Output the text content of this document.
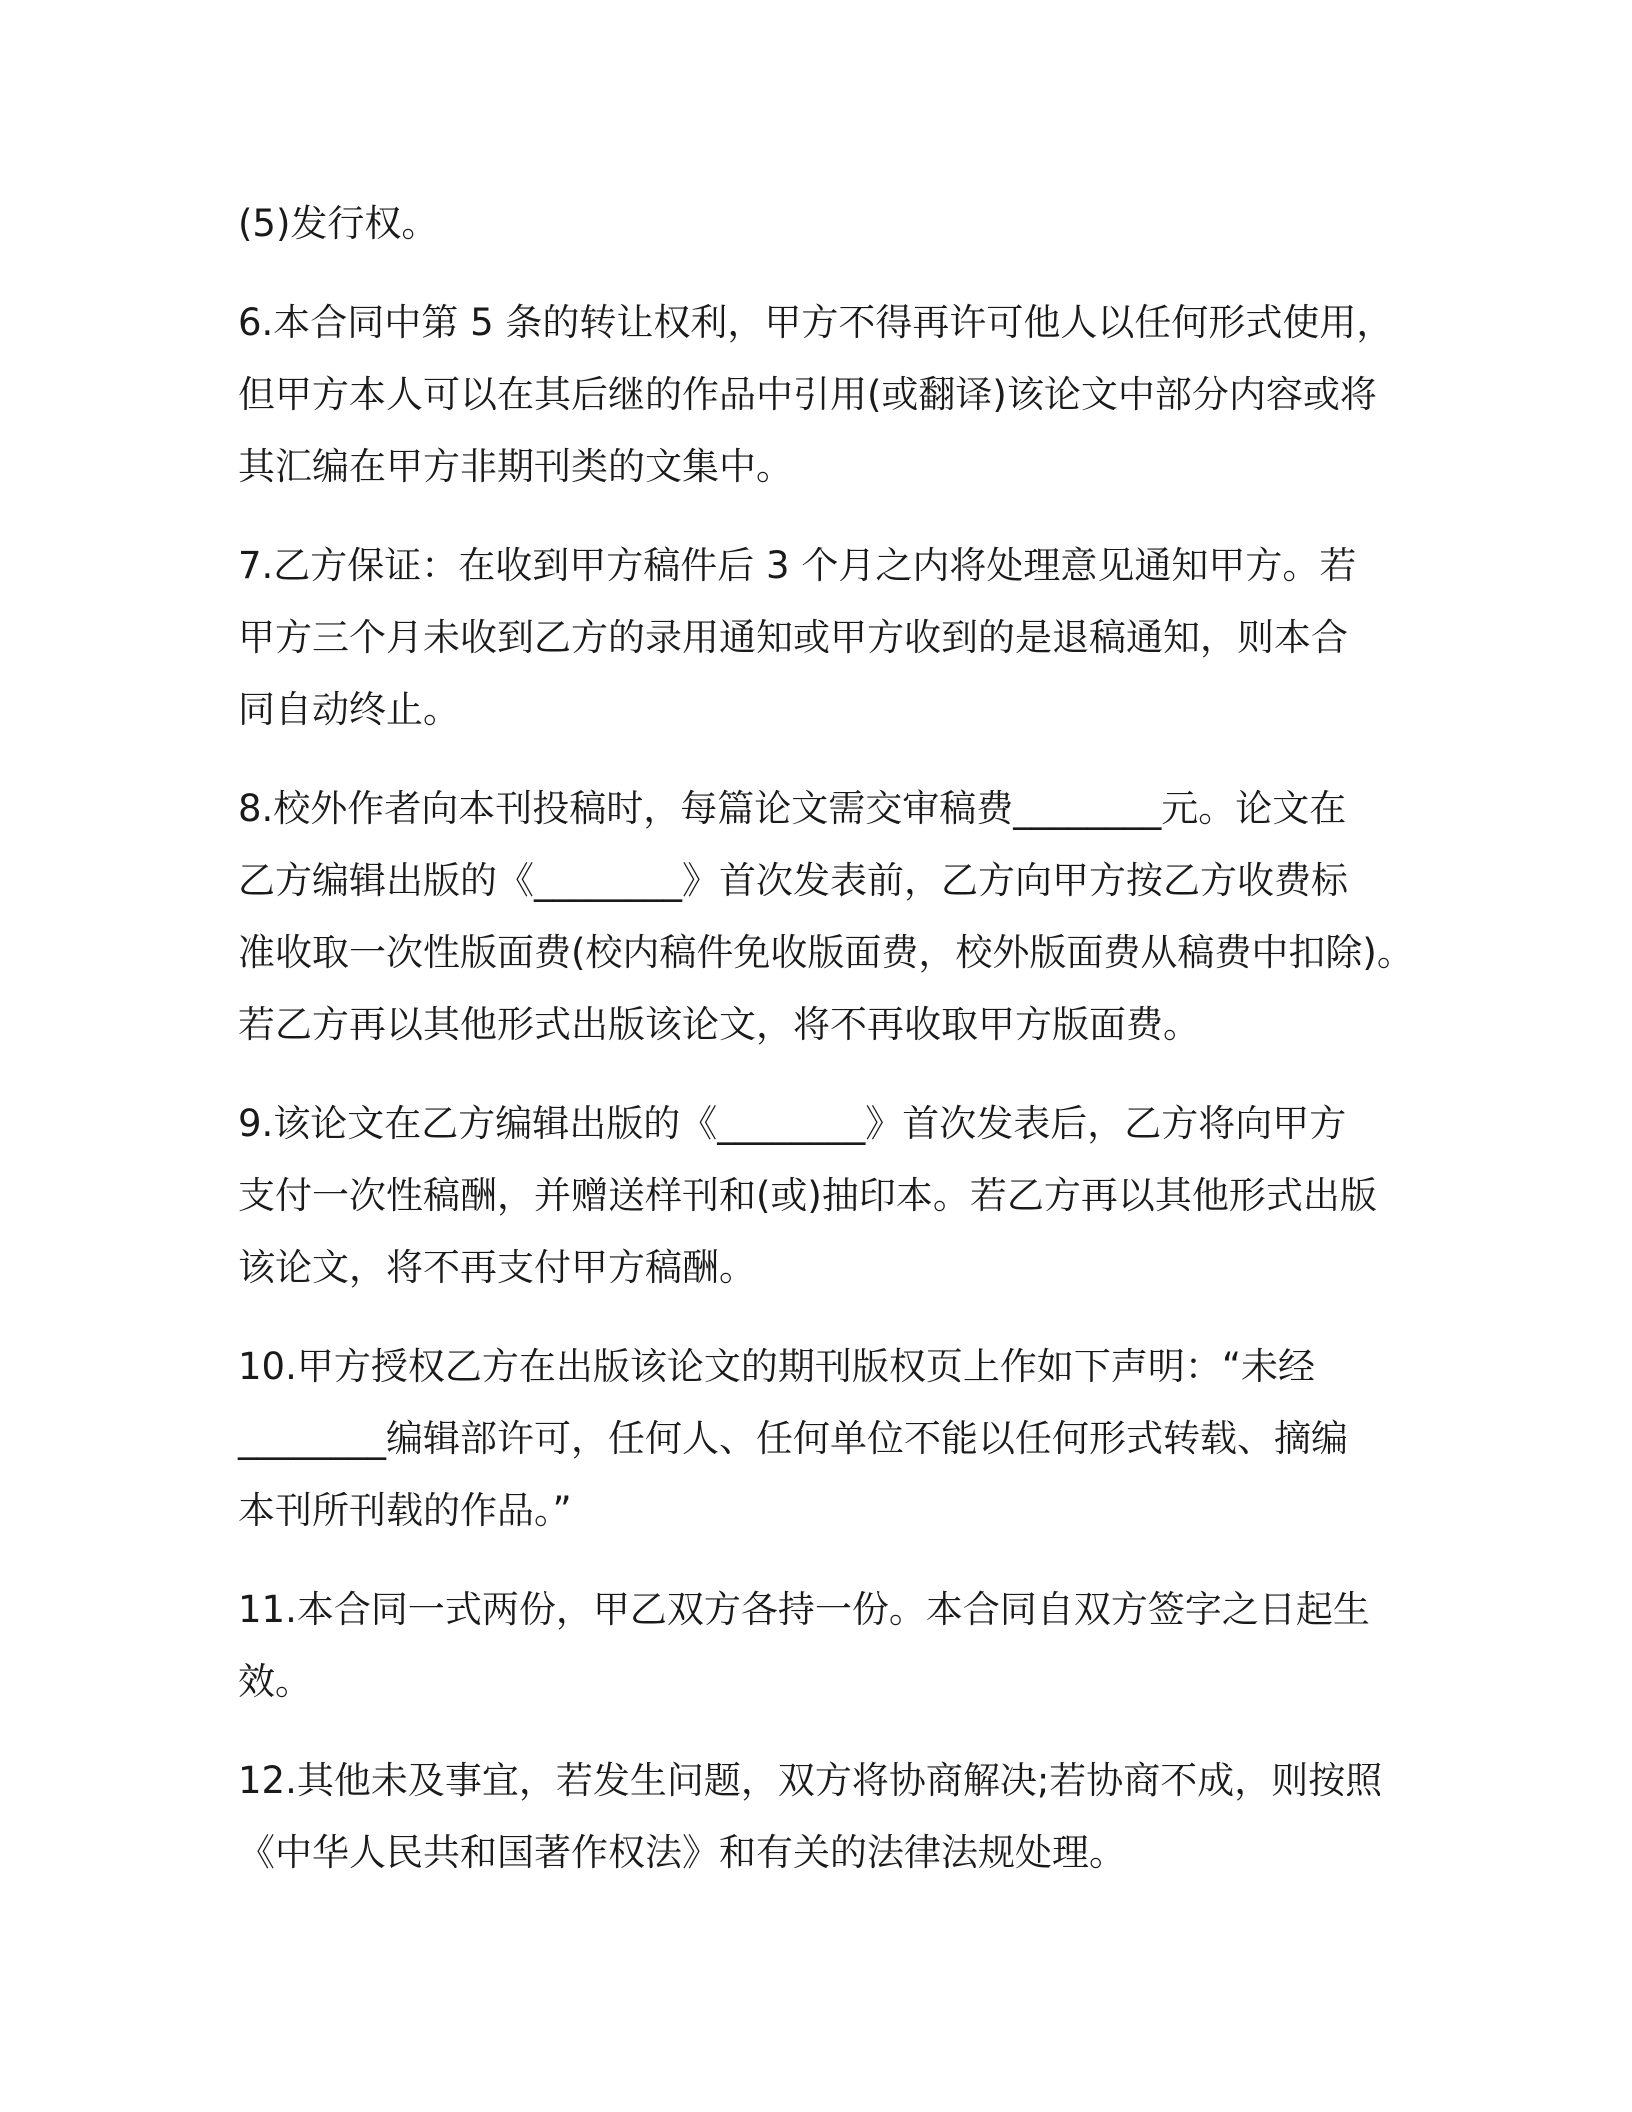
(5)发行权。

6.本合同中第 5 条的转让权利，甲方不得再许可他人以任何形式使用，
但甲方本人可以在其后继的作品中引用(或翻译)该论文中部分内容或将
其汇编在甲方非期刊类的文集中。

7.乙方保证：在收到甲方稿件后 3 个月之内将处理意见通知甲方。若
甲方三个月未收到乙方的录用通知或甲方收到的是退稿通知，则本合
同自动终止。

8.校外作者向本刊投稿时，每篇论文需交审稿费________元。论文在
乙方编辑出版的《________》首次发表前，乙方向甲方按乙方收费标
准收取一次性版面费(校内稿件免收版面费，校外版面费从稿费中扣除)。
若乙方再以其他形式出版该论文，将不再收取甲方版面费。

9.该论文在乙方编辑出版的《________》首次发表后，乙方将向甲方
支付一次性稿酬，并赠送样刊和(或)抽印本。若乙方再以其他形式出版
该论文，将不再支付甲方稿酬。

10.甲方授权乙方在出版该论文的期刊版权页上作如下声明：“未经
________编辑部许可，任何人、任何单位不能以任何形式转载、摘编
本刊所刊载的作品。”

11.本合同一式两份，甲乙双方各持一份。本合同自双方签字之日起生
效。

12.其他未及事宜，若发生问题，双方将协商解决;若协商不成，则按照
《中华人民共和国著作权法》和有关的法律法规处理。
